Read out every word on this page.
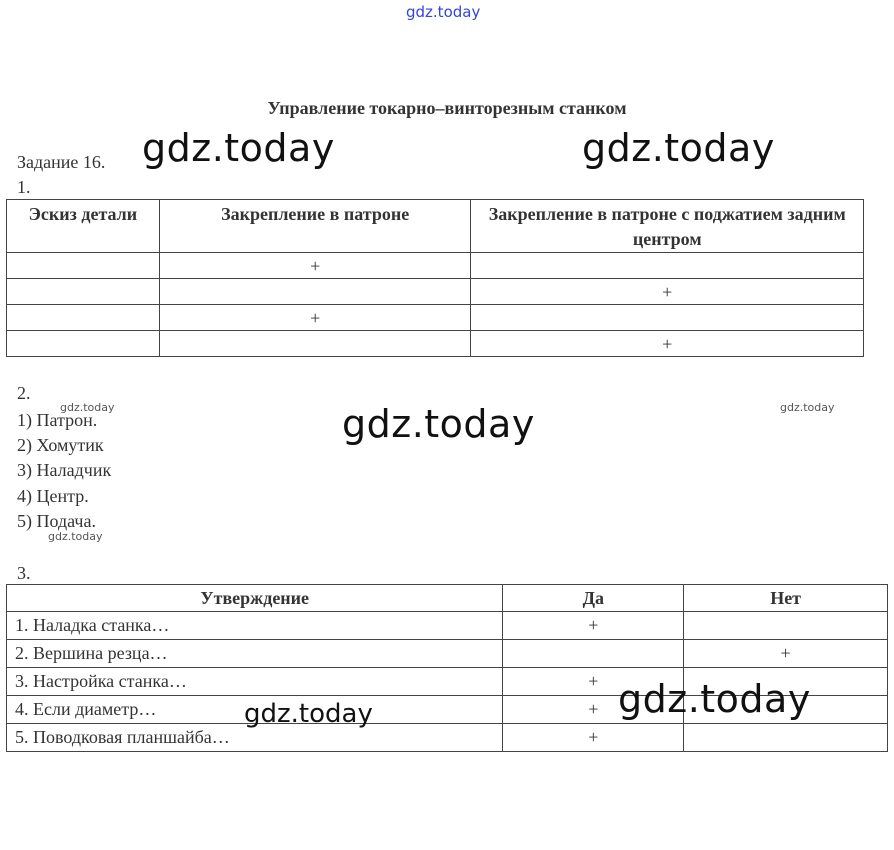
gdz.today
Управление токарно–винторезным станком
Задание 16. gdz.today	gdz.today
1.
Эскиз детали	Закрепление в патроне	Закрепление в патроне с поджатием задним центром
	+	
		+
	+	
		+
2.
gdz.today	gdz.today
1) Патрон.
2) Хомутик
3) Наладчик
4) Центр.
5) Подача.
gdz.today
gdz.today
3.
Утверждение	Да	Нет
1. Наладка станка…	+	
2. Вершина резца…		+
3. Настройка станка…	+	
4. Если диаметр…	+	
5. Поводковая планшайба…	+	
gdz.today	gdz.today
